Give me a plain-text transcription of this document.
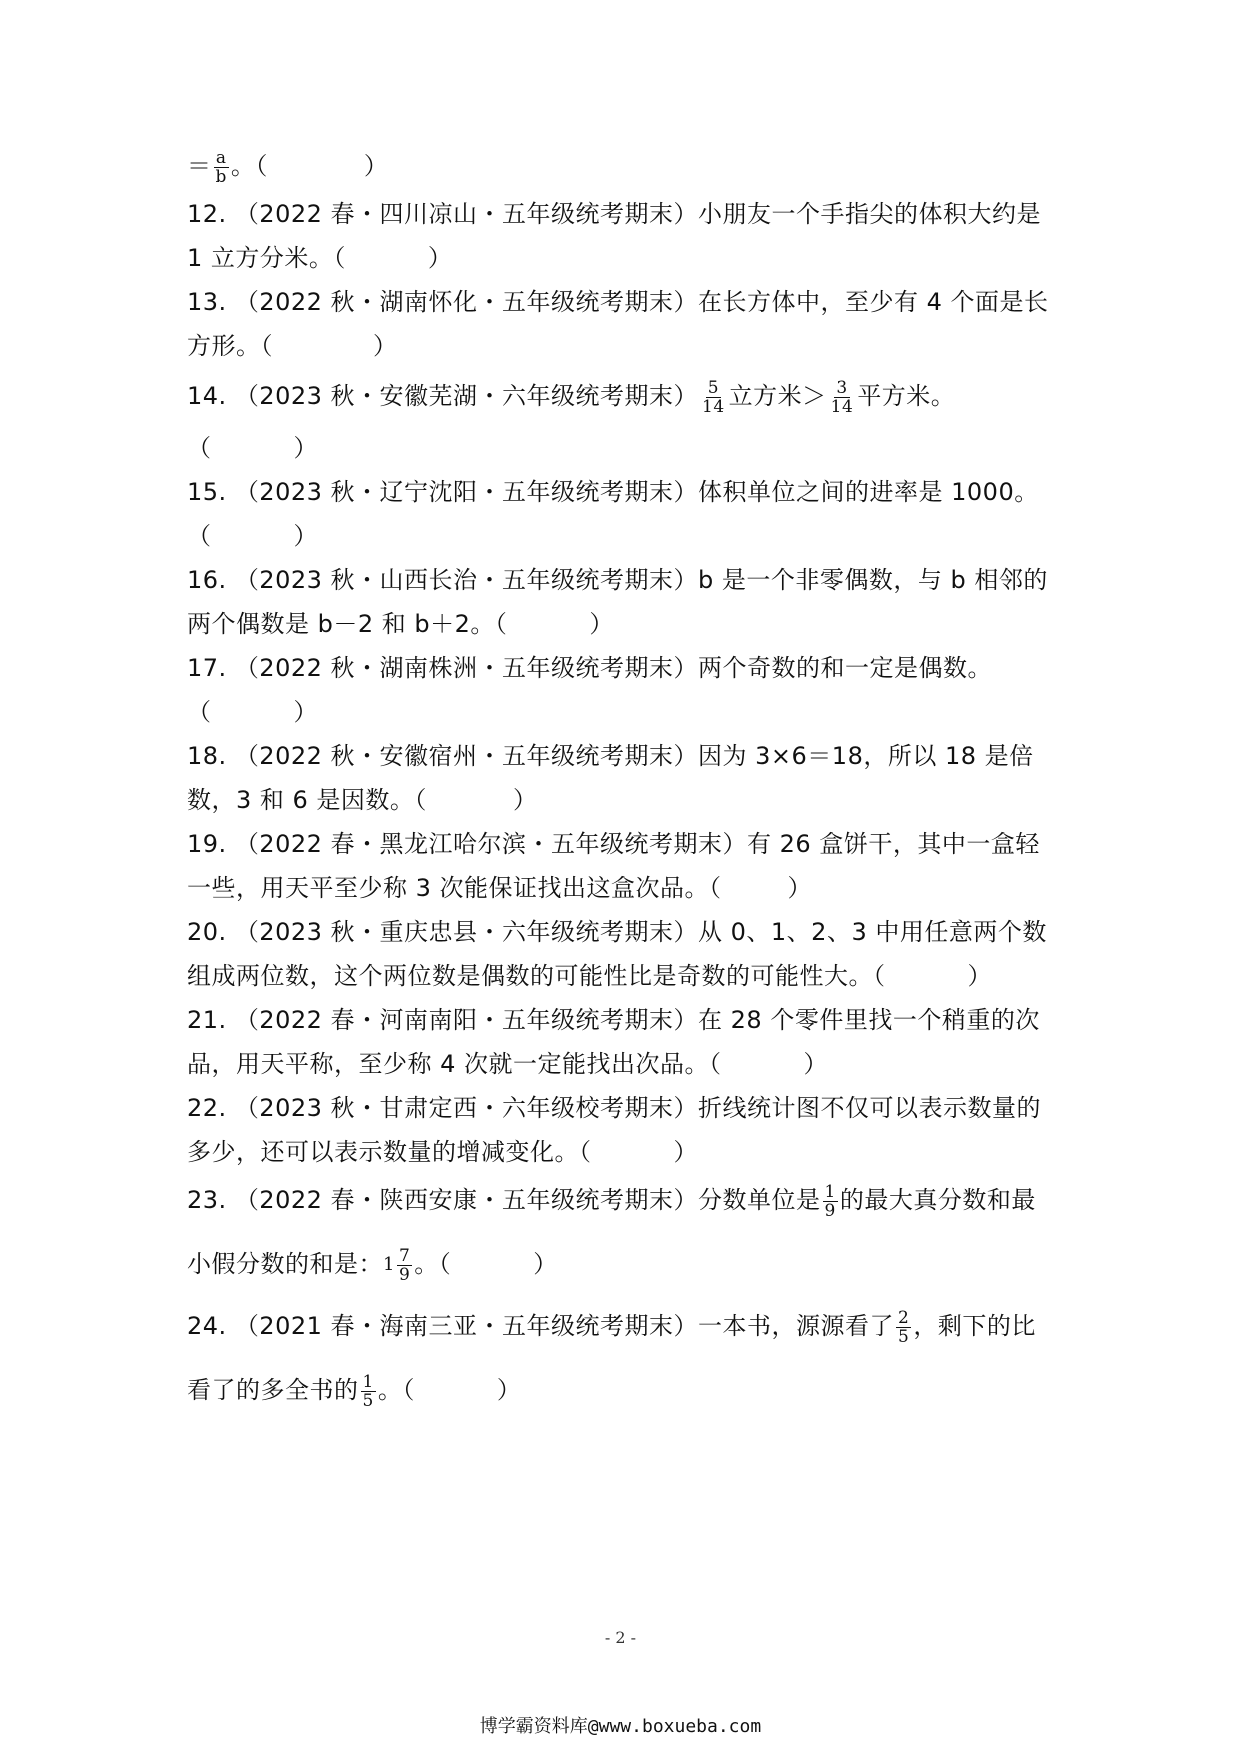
＝ $\frac{a}{b}$ 。（	）
12. （2022 春・四川凉山・五年级统考期末）小朋友一个手指尖的体积大约是
1 立方分米。（	）
13. （2022 秋・湖南怀化・五年级统考期末）在长方体中，至少有 4 个面是长
方形。（	）
14. （2023 秋・安徽芜湖・六年级统考期末） $\frac{5}{14}$ 立方米＞ $\frac{3}{14}$ 平方米。
（	）
15. （2023 秋・辽宁沈阳・五年级统考期末）体积单位之间的进率是 1000。
（	）
16. （2023 秋・山西长治・五年级统考期末）b 是一个非零偶数，与 b 相邻的
两个偶数是 b－2 和 b＋2。（	）
17. （2022 秋・湖南株洲・五年级统考期末）两个奇数的和一定是偶数。
（	）
18. （2022 秋・安徽宿州・五年级统考期末）因为 3×6＝18，所以 18 是倍
数，3 和 6 是因数。（	）
19. （2022 春・黑龙江哈尔滨・五年级统考期末）有 26 盒饼干，其中一盒轻
一些，用天平至少称 3 次能保证找出这盒次品。（	）
20. （2023 秋・重庆忠县・六年级统考期末）从 0、1、2、3 中用任意两个数
组成两位数，这个两位数是偶数的可能性比是奇数的可能性大。（	）
21. （2022 春・河南南阳・五年级统考期末）在 28 个零件里找一个稍重的次
品，用天平称，至少称 4 次就一定能找出次品。（	）
22. （2023 秋・甘肃定西・六年级校考期末）折线统计图不仅可以表示数量的
多少，还可以表示数量的增减变化。（	）
23. （2022 春・陕西安康・五年级统考期末）分数单位是 $\frac{1}{9}$ 的最大真分数和最
小假分数的和是：$1 \frac{7}{9}$ 。（	）
24. （2021 春・海南三亚・五年级统考期末）一本书，源源看了 $\frac{2}{5}$ ，剩下的比
看了的多全书的 $\frac{1}{5}$ 。（	）
- 2 -
博学霸资料库@www.boxueba.com
